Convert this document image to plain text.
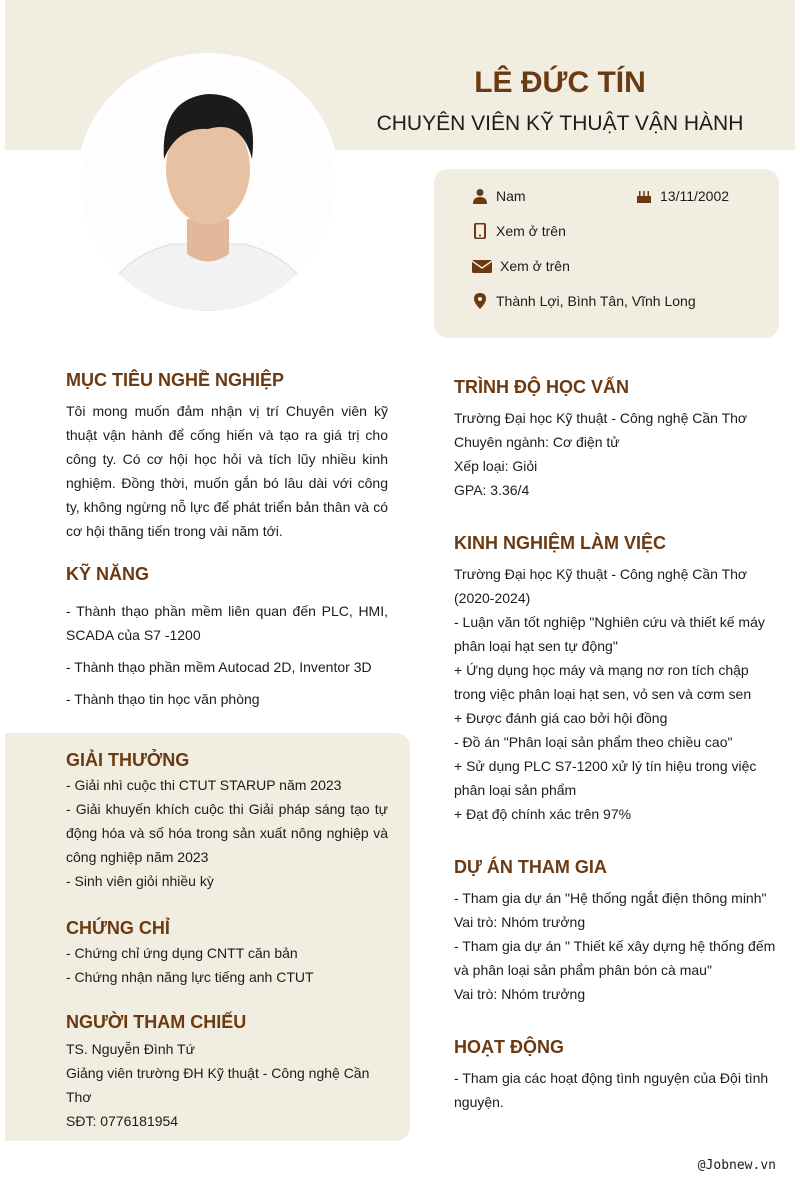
LÊ ĐỨC TÍN
CHUYÊN VIÊN KỸ THUẬT VẬN HÀNH
Nam	13/11/2002
Xem ở trên
Xem ở trên
Thành Lợi, Bình Tân, Vĩnh Long
MỤC TIÊU NGHỀ NGHIỆP
Tôi mong muốn đảm nhận vị trí Chuyên viên kỹ thuật vận hành để cống hiến và tạo ra giá trị cho công ty. Có cơ hội học hỏi và tích lũy nhiều kinh nghiệm. Đồng thời, muốn gắn bó lâu dài với công ty, không ngừng nỗ lực để phát triển bản thân và có cơ hội thăng tiến trong vài năm tới.
KỸ NĂNG
- Thành thạo phần mềm liên quan đến PLC, HMI, SCADA của S7 -1200
- Thành thạo phần mềm Autocad 2D, Inventor 3D
- Thành thạo tin học văn phòng
GIẢI THƯỞNG
- Giải nhì cuộc thi CTUT STARUP năm 2023
- Giải khuyến khích cuộc thi Giải pháp sáng tạo tự động hóa và số hóa trong sản xuất nông nghiệp và công nghiệp năm 2023
- Sinh viên giỏi nhiều kỳ
CHỨNG CHỈ
- Chứng chỉ ứng dụng CNTT căn bản
- Chứng nhận năng lực tiếng anh CTUT
NGƯỜI THAM CHIẾU
TS. Nguyễn Đình Tứ
Giảng viên trường ĐH Kỹ thuật - Công nghệ Cần Thơ
SĐT: 0776181954
TRÌNH ĐỘ HỌC VẤN
Trường Đại học Kỹ thuật - Công nghệ Cần Thơ
Chuyên ngành: Cơ điện tử
Xếp loại: Giỏi
GPA: 3.36/4
KINH NGHIỆM LÀM VIỆC
Trường Đại học Kỹ thuật - Công nghệ Cần Thơ
(2020-2024)
- Luận văn tốt nghiệp "Nghiên cứu và thiết kế máy phân loại hạt sen tự động"
+ Ứng dụng học máy và mạng nơ ron tích chập trong việc phân loại hạt sen, vỏ sen và cơm sen
+ Được đánh giá cao bởi hội đồng
- Đồ án "Phân loại sản phẩm theo chiều cao"
+ Sử dụng PLC S7-1200 xử lý tín hiệu trong việc phân loại sản phẩm
+ Đạt độ chính xác trên 97%
DỰ ÁN THAM GIA
- Tham gia dự án "Hệ thống ngắt điện thông minh"
Vai trò: Nhóm trưởng
- Tham gia dự án " Thiết kế xây dựng hệ thống đếm và phân loại sản phẩm phân bón cà mau"
Vai trò: Nhóm trưởng
HOẠT ĐỘNG
- Tham gia các hoạt động tình nguyện của Đội tình nguyện.
@Jobnew.vn
